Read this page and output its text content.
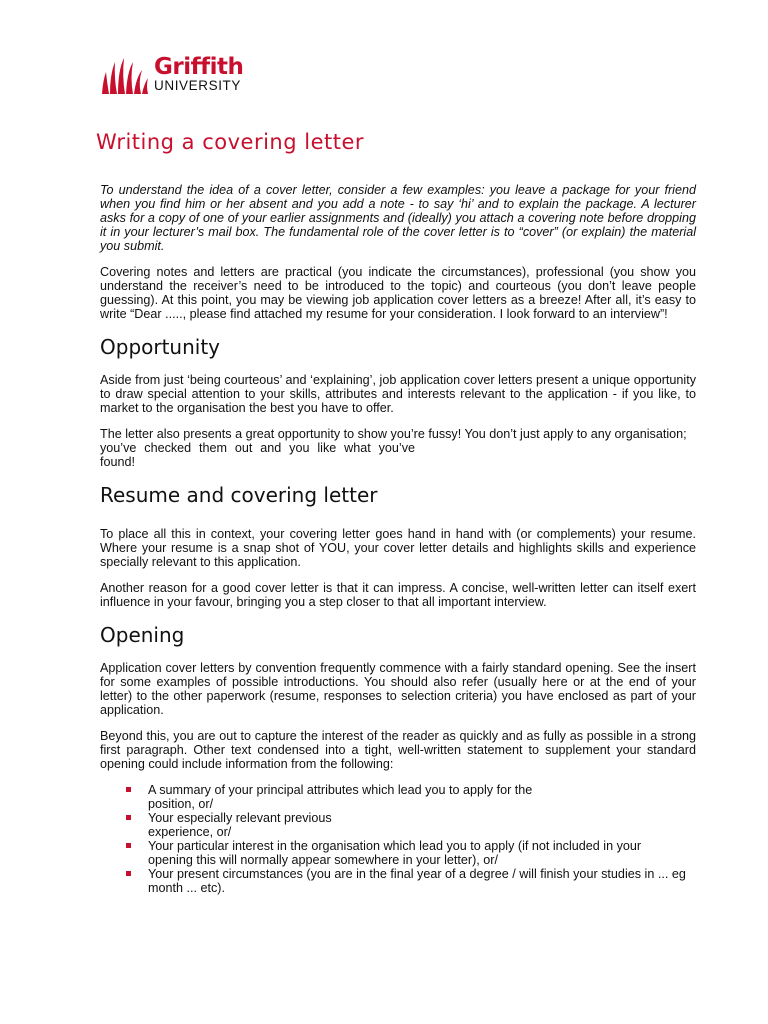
Griffith
UNIVERSITY
Writing a covering letter

To understand the idea of a cover letter, consider a few examples: you leave a package for your friend when you find him or her absent and you add a note - to say ‘hi’ and to explain the package. A lecturer asks for a copy of one of your earlier assignments and (ideally) you attach a covering note before dropping it in your lecturer’s mail box. The fundamental role of the cover letter is to “cover” (or explain) the material you submit.

Covering notes and letters are practical (you indicate the circumstances), professional (you show you understand the receiver’s need to be introduced to the topic) and courteous (you don’t leave people guessing). At this point, you may be viewing job application cover letters as a breeze! After all, it’s easy to write “Dear ....., please find attached my resume for your consideration. I look forward to an interview”!

Opportunity

Aside from just ‘being courteous’ and ‘explaining’, job application cover letters present a unique opportunity to draw special attention to your skills, attributes and interests relevant to the application - if you like, to market to the organisation the best you have to offer.

The letter also presents a great opportunity to show you’re fussy! You don’t just apply to any organisation;

you’ve checked them out and you like what you’ve found!

Resume and covering letter

To place all this in context, your covering letter goes hand in hand with (or complements) your resume. Where your resume is a snap shot of YOU, your cover letter details and highlights skills and experience specially relevant to this application.

Another reason for a good cover letter is that it can impress. A concise, well-written letter can itself exert influence in your favour, bringing you a step closer to that all important interview.

Opening

Application cover letters by convention frequently commence with a fairly standard opening. See the insert for some examples of possible introductions. You should also refer (usually here or at the end of your letter) to the other paperwork (resume, responses to selection criteria) you have enclosed as part of your application.

Beyond this, you are out to capture the interest of the reader as quickly and as fully as possible in a strong first paragraph. Other text condensed into a tight, well-written statement to supplement your standard opening could include information from the following:

A summary of your principal attributes which lead you to apply for the position, or/
Your especially relevant previous experience, or/
Your particular interest in the organisation which lead you to apply (if not included in your opening this will normally appear somewhere in your letter), or/
Your present circumstances (you are in the final year of a degree / will finish your studies in ... eg month ... etc).
